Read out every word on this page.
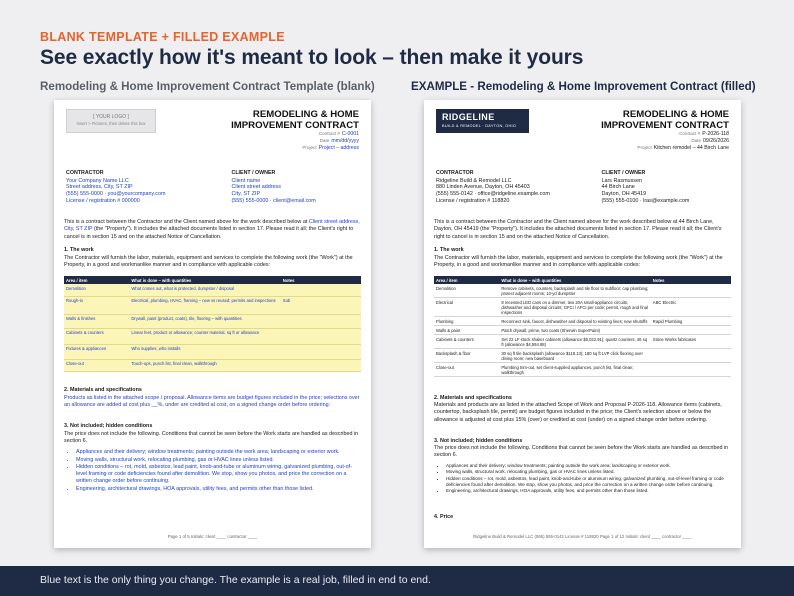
BLANK TEMPLATE + FILLED EXAMPLE
See exactly how it's meant to look – then make it yours
Remodeling & Home Improvement Contract Template (blank)	EXAMPLE - Remodeling & Home Improvement Contract (filled)
[ YOUR LOGO ]
Insert > Pictures, then delete this box
REMODELING & HOME
IMPROVEMENT CONTRACT
Contract # C-0001
Date mm/dd/yyyy
Project Project – address
CONTRACTOR
Your Company Name LLC
Street address, City, ST ZIP
(555) 555-0000 · you@yourcompany.com
License / registration # 000000
CLIENT / OWNER
Client name
Client street address
City, ST ZIP
(555) 555-0000 · client@email.com
This is a contract between the Contractor and the Client named above for the work described below at Client street address, City, ST ZIP (the "Property"). It includes the attached documents listed in section 17. Please read it all; the Client's right to cancel is in section 15 and on the attached Notice of Cancellation.
1. The work
The Contractor will furnish the labor, materials, equipment and services to complete the following work (the "Work") at the Property, in a good and workmanlike manner and in compliance with applicable codes:
Area / item	What is done – with quantities	Notes
Demolition	What comes out, what is protected, dumpster / disposal	
Rough-in	Electrical, plumbing, HVAC, framing – new vs reused; permits and inspections	Sub
Walls & finishes	Drywall, paint (product, coats), tile, flooring – with quantities	
Cabinets & counters	Linear feet, product or allowance; counter material, sq ft or allowance	
Fixtures & appliances	Who supplies, who installs	
Close-out	Touch-ups, punch list, final clean, walkthrough	
2. Materials and specifications
Products as listed in the attached scope / proposal. Allowance items are budget figures included in the price; selections over an allowance are added at cost plus __%, under are credited at cost, on a signed change order before ordering.
3. Not included; hidden conditions
The price does not include the following. Conditions that cannot be seen before the Work starts are handled as described in section 6.
• Appliances and their delivery; window treatments; painting outside the work area; landscaping or exterior work.
• Moving walls, structural work, relocating plumbing, gas or HVAC lines unless listed.
• Hidden conditions – rot, mold, asbestos, lead paint, knob-and-tube or aluminum wiring, galvanized plumbing, out-of-level framing or code deficiencies found after demolition. We stop, show you photos, and price the correction on a written change order before continuing.
• Engineering, architectural drawings, HOA approvals, utility fees, and permits other than those listed.
Page 1 of 5 Initials: client ____ contractor ____
RIDGELINE
BUILD & REMODEL · DAYTON, OHIO
REMODELING & HOME
IMPROVEMENT CONTRACT
Contract # P-2026-118
Date 09/26/2026
Project Kitchen remodel – 44 Birch Lane
CONTRACTOR
Ridgeline Build & Remodel LLC
880 Linden Avenue, Dayton, OH 45403
(555) 555-0142 · office@ridgeline.example.com
License / registration # 118820
CLIENT / OWNER
Lars Rasmussen
44 Birch Lane
Dayton, OH 45419
(555) 555-0100 · lras@example.com
This is a contract between the Contractor and the Client named above for the work described below at 44 Birch Lane, Dayton, OH 45419 (the "Property"). It includes the attached documents listed in section 17. Please read it all; the Client's right to cancel is in section 15 and on the attached Notice of Cancellation.
1. The work
The Contractor will furnish the labor, materials, equipment and services to complete the following work (the "Work") at the Property, in a good and workmanlike manner and in compliance with applicable codes:
Area / item	What is done – with quantities	Notes
Demolition	Remove cabinets, counters, backsplash and tile floor to subfloor; cap plumbing; protect adjacent rooms; 10-yd dumpster	
Electrical	8 recessed LED cans on a dimmer, two 20A small-appliance circuits, dishwasher and disposal circuits; GFCI / AFCI per code; permit, rough and final inspections	ABC Electric
Plumbing	Reconnect sink, faucet, dishwasher and disposal to existing lines; new shutoffs	Rapid Plumbing
Walls & paint	Patch drywall; prime, two coats (Sherwin SuperPaint)	
Cabinets & counters	Set 22 LF stock shaker cabinets (allowance $6,022.91); quartz counters, 46 sq ft (allowance $4,594.88)	Stone Works fabricates
Backsplash & floor	30 sq ft tile backsplash (allowance $118.13); 180 sq ft LVP click flooring over dining room; new baseboard	
Close-out	Plumbing trim-out, set client-supplied appliances, punch list, final clean; walkthrough	
2. Materials and specifications
Materials and products are as listed in the attached Scope of Work and Proposal P-2026-118. Allowance items (cabinets, countertop, backsplash tile, permit) are budget figures included in the price; the Client's selection above or below the allowance is adjusted at cost plus 15% (over) or credited at cost (under) on a signed change order before ordering.
3. Not included; hidden conditions
The price does not include the following. Conditions that cannot be seen before the Work starts are handled as described in section 6.
• Appliances and their delivery; window treatments; painting outside the work area; landscaping or exterior work.
• Moving walls, structural work, relocating plumbing, gas or HVAC lines unless listed.
• Hidden conditions – rot, mold, asbestos, lead paint, knob-and-tube or aluminum wiring, galvanized plumbing, out-of-level framing or code deficiencies found after demolition. We stop, show you photos, and price the correction on a written change order before continuing.
• Engineering, architectural drawings, HOA approvals, utility fees, and permits other than those listed.
4. Price
Ridgeline Build & Remodel LLC (555) 555-0142 License # 118820 Page 1 of 12 Initials: client ____ contractor ____
Blue text is the only thing you change. The example is a real job, filled in end to end.
